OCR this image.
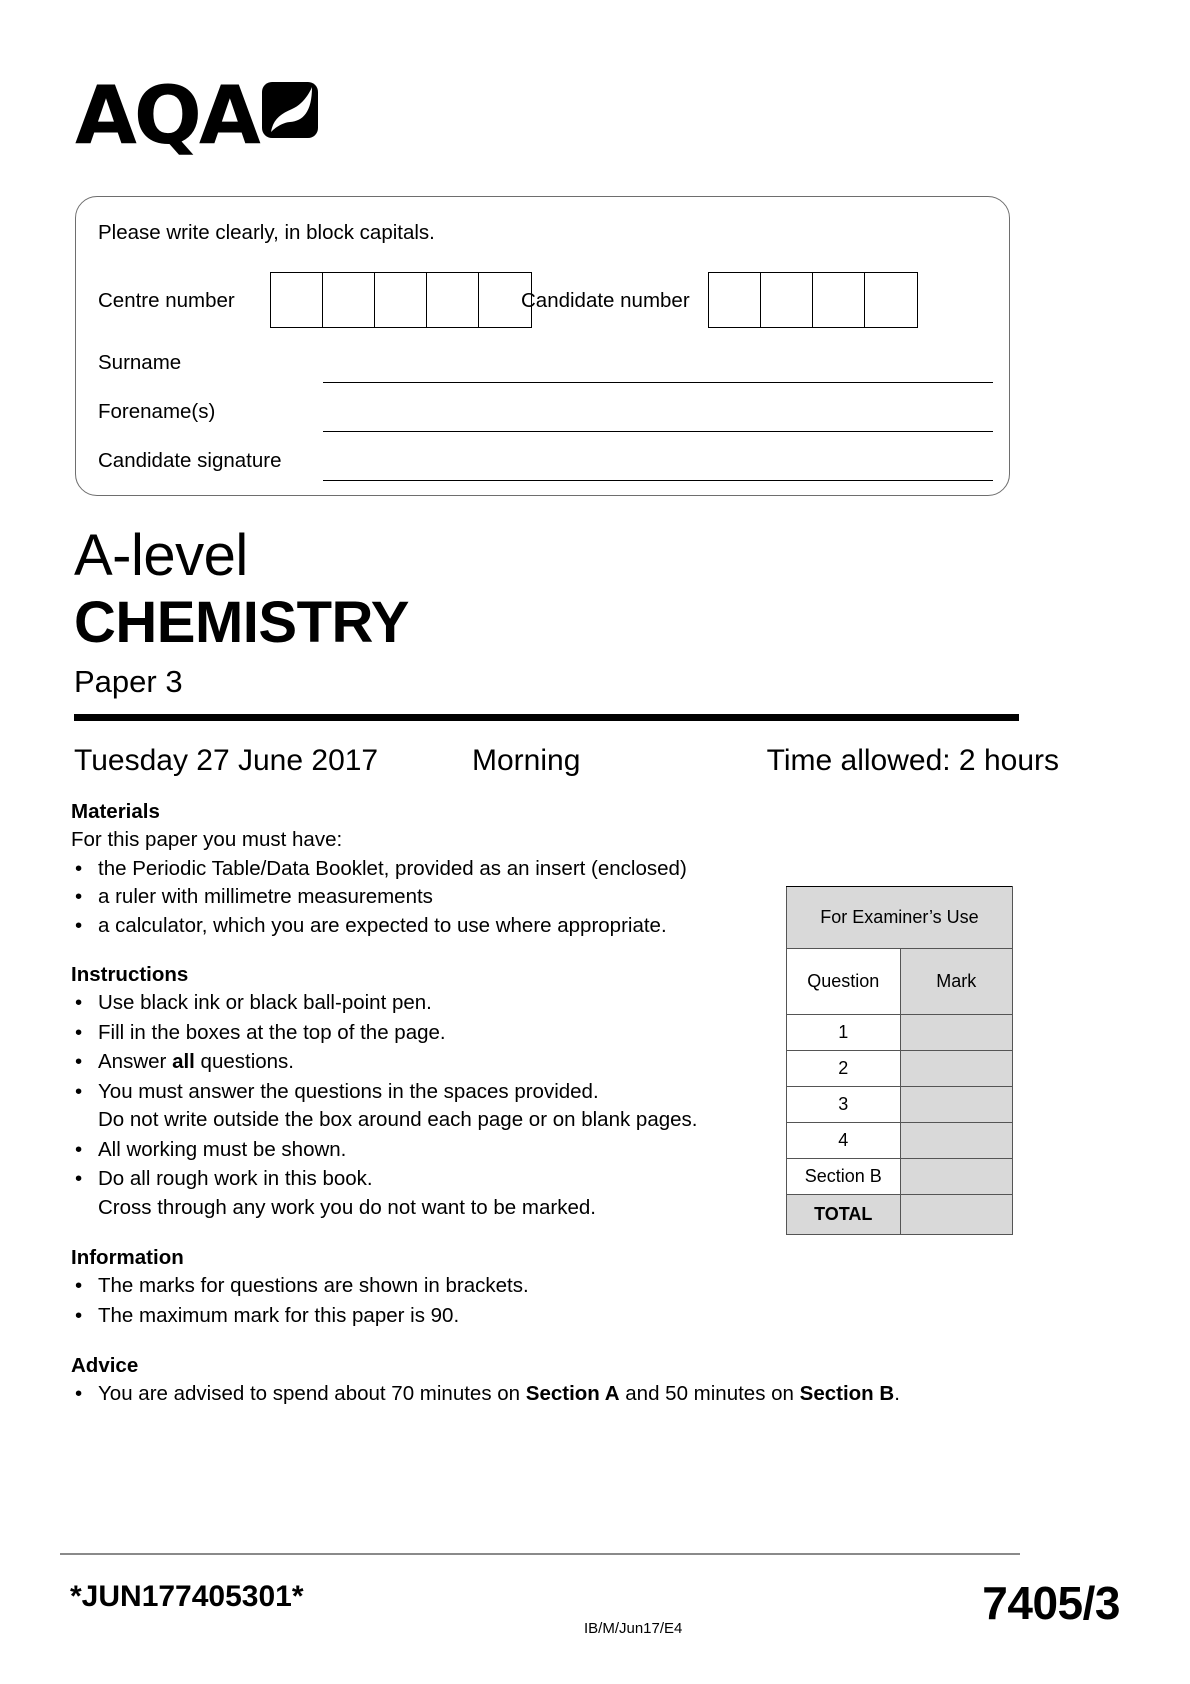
AQA
Please write clearly, in block capitals.
Centre number	Candidate number
Surname
Forename(s)
Candidate signature
A-level
CHEMISTRY
Paper 3
Tuesday 27 June 2017	Morning	Time allowed: 2 hours
Materials

For this paper you must have:

• the Periodic Table/Data Booklet, provided as an insert (enclosed)
• a ruler with millimetre measurements
• a calculator, which you are expected to use where appropriate.
Instructions
• Use black ink or black ball-point pen.
• Fill in the boxes at the top of the page.
• Answer all questions.
• You must answer the questions in the spaces provided.
Do not write outside the box around each page or on blank pages.
• All working must be shown.
• Do all rough work in this book.
Cross through any work you do not want to be marked.
Information
• The marks for questions are shown in brackets.
• The maximum mark for this paper is 90.
Advice
• You are advised to spend about 70 minutes on Section A and 50 minutes on Section B.
For Examiner’s Use	
Question	Mark
1	
2	
3	
4	
Section B	
TOTAL	
*JUN177405301*
IB/M/Jun17/E4	7405/3
